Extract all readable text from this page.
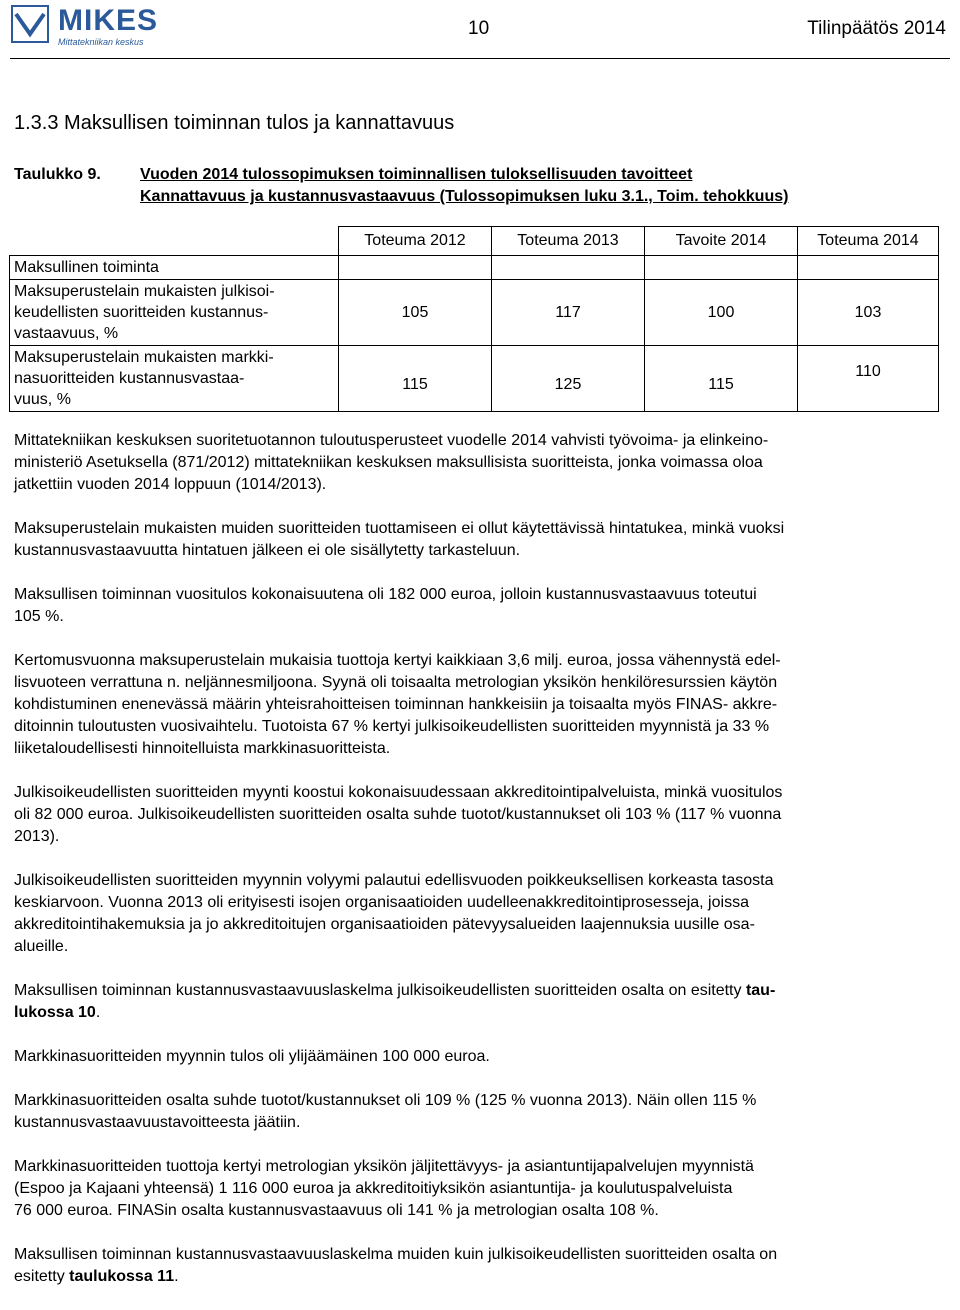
MIKES
Mittatekniikan keskus
10	Tilinpäätös 2014
1.3.3 Maksullisen toiminnan tulos ja kannattavuus
Taulukko 9.	Vuoden 2014 tulossopimuksen toiminnallisen tuloksellisuuden tavoitteet
Kannattavuus ja kustannusvastaavuus (Tulossopimuksen luku 3.1., Toim. tehokkuus)
	Toteuma 2012	Toteuma 2013	Tavoite 2014	Toteuma 2014
Maksullinen toiminta				

Maksuperustelain mukaisten julkisoi-
keudellisten suoritteiden kustannus-
vastaavuus, %	105	117	100	103

Maksuperustelain mukaisten markki-
nasuoritteiden kustannusvastaa-
vuus, %	115	125	115	110

Mittatekniikan keskuksen suoritetuotannon tuloutusperusteet vuodelle 2014 vahvisti työvoima- ja elinkeino-
ministeriö Asetuksella (871/2012) mittatekniikan keskuksen maksullisista suoritteista, jonka voimassa oloa
jatkettiin vuoden 2014 loppuun (1014/2013).

Maksuperustelain mukaisten muiden suoritteiden tuottamiseen ei ollut käytettävissä hintatukea, minkä vuoksi
kustannusvastaavuutta hintatuen jälkeen ei ole sisällytetty tarkasteluun.

Maksullisen toiminnan vuositulos kokonaisuutena oli 182 000 euroa, jolloin kustannusvastaavuus toteutui
105 %.

Kertomusvuonna maksuperustelain mukaisia tuottoja kertyi kaikkiaan 3,6 milj. euroa, jossa vähennystä edel-
lisvuoteen verrattuna n. neljännesmiljoona. Syynä oli toisaalta metrologian yksikön henkilöresurssien käytön
kohdistuminen enenevässä määrin yhteisrahoitteisen toiminnan hankkeisiin ja toisaalta myös FINAS- akkre-
ditoinnin tuloutusten vuosivaihtelu. Tuotoista 67 % kertyi julkisoikeudellisten suoritteiden myynnistä ja 33 %
liiketaloudellisesti hinnoitelluista markkinasuoritteista.

Julkisoikeudellisten suoritteiden myynti koostui kokonaisuudessaan akkreditointipalveluista, minkä vuositulos
oli 82 000 euroa. Julkisoikeudellisten suoritteiden osalta suhde tuotot/kustannukset oli 103 % (117 % vuonna
2013).

Julkisoikeudellisten suoritteiden myynnin volyymi palautui edellisvuoden poikkeuksellisen korkeasta tasosta
keskiarvoon. Vuonna 2013 oli erityisesti isojen organisaatioiden uudelleenakkreditointiprosesseja, joissa
akkreditointihakemuksia ja jo akkreditoitujen organisaatioiden pätevyysalueiden laajennuksia uusille osa-
alueille.

Maksullisen toiminnan kustannusvastaavuuslaskelma julkisoikeudellisten suoritteiden osalta on esitetty tau-
lukossa 10.

Markkinasuoritteiden myynnin tulos oli ylijäämäinen 100 000 euroa.

Markkinasuoritteiden osalta suhde tuotot/kustannukset oli 109 % (125 % vuonna 2013). Näin ollen 115 %
kustannusvastaavuustavoitteesta jäätiin.

Markkinasuoritteiden tuottoja kertyi metrologian yksikön jäljitettävyys- ja asiantuntijapalvelujen myynnistä
(Espoo ja Kajaani yhteensä) 1 116 000 euroa ja akkreditoitiyksikön asiantuntija- ja koulutuspalveluista
76 000 euroa. FINASin osalta kustannusvastaavuus oli 141 % ja metrologian osalta 108 %.

Maksullisen toiminnan kustannusvastaavuuslaskelma muiden kuin julkisoikeudellisten suoritteiden osalta on
esitetty taulukossa 11.
